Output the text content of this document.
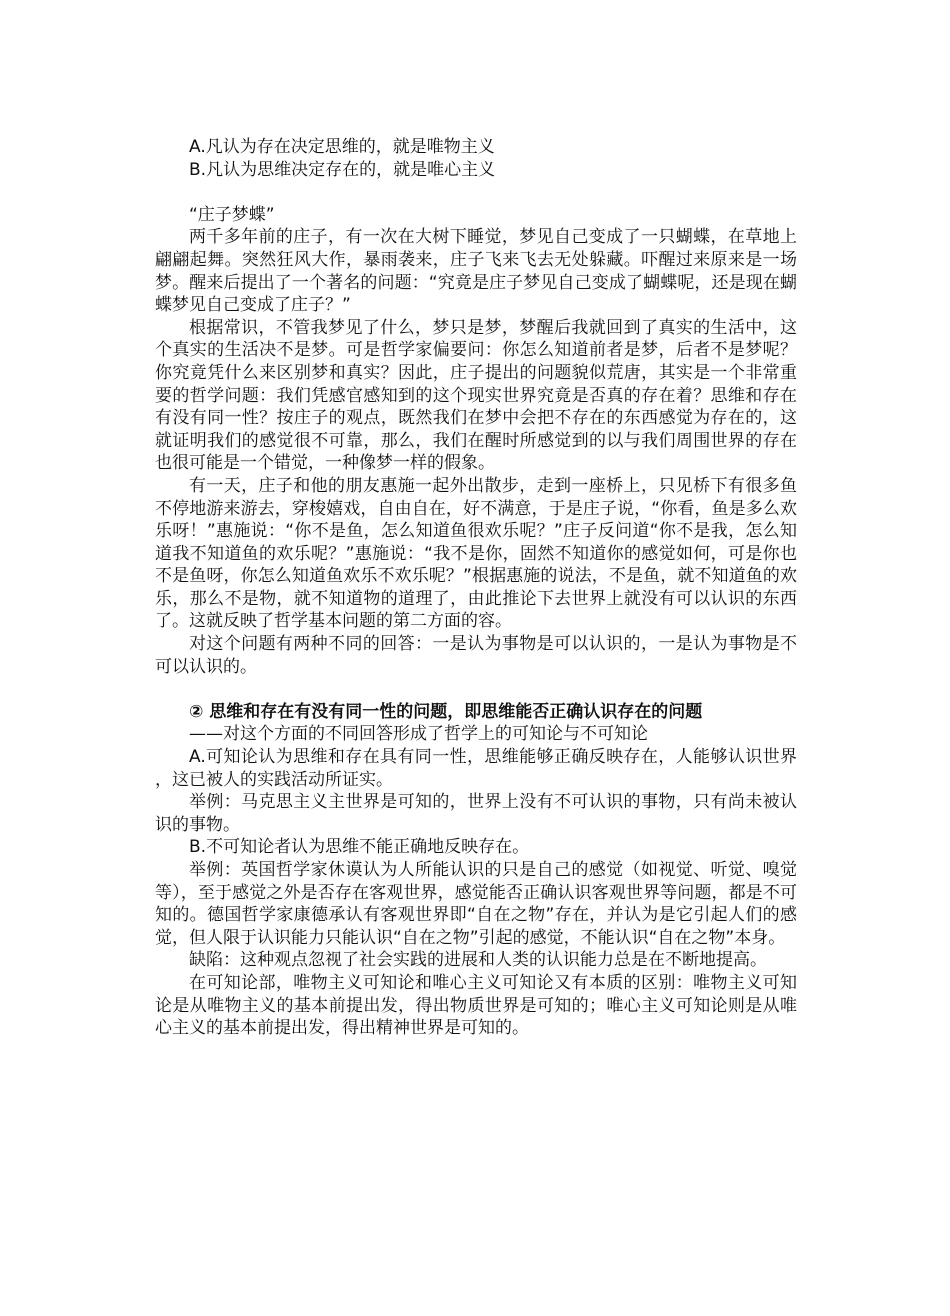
A.凡认为存在决定思维的，就是唯物主义

B.凡认为思维决定存在的，就是唯心主义

“庄子梦蝶”

两千多年前的庄子，有一次在大树下睡觉，梦见自己变成了一只蝴蝶，在草地上翩翩起舞。突然狂风大作，暴雨袭来，庄子飞来飞去无处躲藏。吓醒过来原来是一场梦。醒来后提出了一个著名的问题：“究竟是庄子梦见自己变成了蝴蝶呢，还是现在蝴蝶梦见自己变成了庄子？”

根据常识，不管我梦见了什么，梦只是梦，梦醒后我就回到了真实的生活中，这个真实的生活决不是梦。可是哲学家偏要问：你怎么知道前者是梦，后者不是梦呢？你究竟凭什么来区别梦和真实？因此，庄子提出的问题貌似荒唐，其实是一个非常重要的哲学问题：我们凭感官感知到的这个现实世界究竟是否真的存在着？思维和存在有没有同一性？按庄子的观点，既然我们在梦中会把不存在的东西感觉为存在的，这就证明我们的感觉很不可靠，那么，我们在醒时所感觉到的以与我们周围世界的存在也很可能是一个错觉，一种像梦一样的假象。

有一天，庄子和他的朋友惠施一起外出散步，走到一座桥上，只见桥下有很多鱼不停地游来游去，穿梭嬉戏，自由自在，好不满意，于是庄子说，“你看，鱼是多么欢乐呀！”惠施说：“你不是鱼，怎么知道鱼很欢乐呢？”庄子反问道“你不是我，怎么知道我不知道鱼的欢乐呢？”惠施说：“我不是你，固然不知道你的感觉如何，可是你也不是鱼呀，你怎么知道鱼欢乐不欢乐呢？”根据惠施的说法，不是鱼，就不知道鱼的欢乐，那么不是物，就不知道物的道理了，由此推论下去世界上就没有可以认识的东西了。这就反映了哲学基本问题的第二方面的容。

对这个问题有两种不同的回答：一是认为事物是可以认识的，一是认为事物是不可以认识的。

② 思维和存在有没有同一性的问题，即思维能否正确认识存在的问题

——对这个方面的不同回答形成了哲学上的可知论与不可知论

A.可知论认为思维和存在具有同一性，思维能够正确反映存在，人能够认识世界，这已被人的实践活动所证实。

举例：马克思主义主世界是可知的，世界上没有不可认识的事物，只有尚未被认识的事物。

B.不可知论者认为思维不能正确地反映存在。

举例：英国哲学家休谟认为人所能认识的只是自己的感觉（如视觉、听觉、嗅觉等），至于感觉之外是否存在客观世界，感觉能否正确认识客观世界等问题，都是不可知的。德国哲学家康德承认有客观世界即“自在之物”存在，并认为是它引起人们的感觉，但人限于认识能力只能认识“自在之物”引起的感觉，不能认识“自在之物”本身。

缺陷：这种观点忽视了社会实践的进展和人类的认识能力总是在不断地提高。

在可知论部，唯物主义可知论和唯心主义可知论又有本质的区别：唯物主义可知论是从唯物主义的基本前提出发，得出物质世界是可知的；唯心主义可知论则是从唯心主义的基本前提出发，得出精神世界是可知的。
